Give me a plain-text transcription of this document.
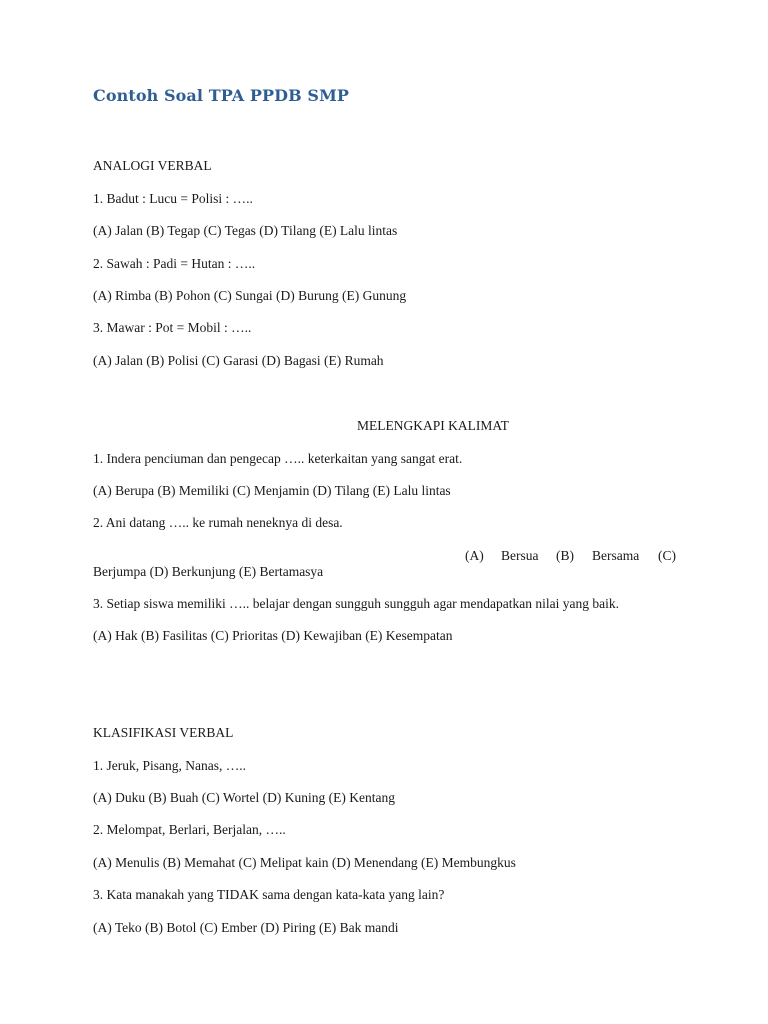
Contoh Soal TPA PPDB SMP
ANALOGI VERBAL
1. Badut : Lucu = Polisi : …..
(A) Jalan (B) Tegap (C) Tegas (D) Tilang (E) Lalu lintas
2. Sawah : Padi = Hutan : …..
(A) Rimba (B) Pohon (C) Sungai (D) Burung (E) Gunung
3. Mawar : Pot = Mobil : …..
(A) Jalan (B) Polisi (C) Garasi (D) Bagasi (E) Rumah
MELENGKAPI KALIMAT
1. Indera penciuman dan pengecap ….. keterkaitan yang sangat erat.
(A) Berupa (B) Memiliki (C) Menjamin (D) Tilang (E) Lalu lintas
2. Ani datang ….. ke rumah neneknya di desa.
(A)	Bersua	(B)	Bersama	(C)
Berjumpa (D) Berkunjung (E) Bertamasya
3. Setiap siswa memiliki ….. belajar dengan sungguh sungguh agar mendapatkan nilai yang baik.
(A) Hak (B) Fasilitas (C) Prioritas (D) Kewajiban (E) Kesempatan
KLASIFIKASI VERBAL
1. Jeruk, Pisang, Nanas, …..
(A) Duku (B) Buah (C) Wortel (D) Kuning (E) Kentang
2. Melompat, Berlari, Berjalan, …..
(A) Menulis (B) Memahat (C) Melipat kain (D) Menendang (E) Membungkus
3. Kata manakah yang TIDAK sama dengan kata-kata yang lain?
(A) Teko (B) Botol (C) Ember (D) Piring (E) Bak mandi
